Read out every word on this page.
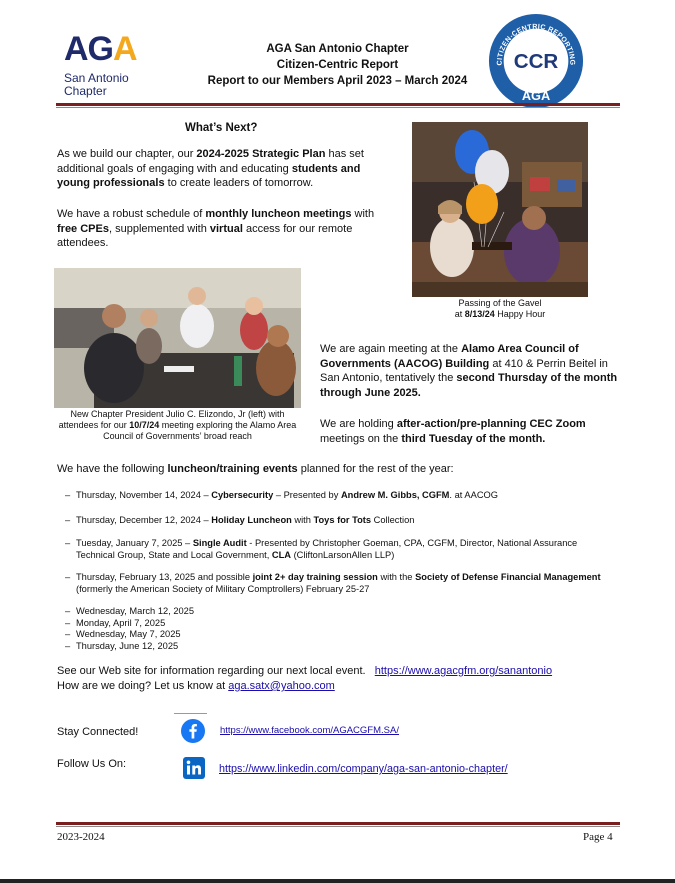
AGA
San Antonio
Chapter
AGA San Antonio Chapter
Citizen-Centric Report
Report to our Members April 2023 – March 2024
CITIZEN-CENTRIC REPORTING
CCR
AGA
What’s Next?
As we build our chapter, our 2024-2025 Strategic Plan has set additional goals of engaging with and educating students and young professionals to create leaders of tomorrow.
We have a robust schedule of monthly luncheon meetings with free CPEs, supplemented with virtual access for our remote attendees.
Passing of the Gavel
at 8/13/24 Happy Hour
New Chapter President Julio C. Elizondo, Jr (left) with attendees for our 10/7/24 meeting exploring the Alamo Area Council of Governments’ broad reach
We are again meeting at the Alamo Area Council of Governments (AACOG) Building at 410 & Perrin Beitel in San Antonio, tentatively the second Thursday of the month through June 2025.
We are holding after-action/pre-planning CEC Zoom meetings on the third Tuesday of the month.
We have the following luncheon/training events planned for the rest of the year:
– Thursday, November 14, 2024 – Cybersecurity – Presented by Andrew M. Gibbs, CGFM. at AACOG
– Thursday, December 12, 2024 – Holiday Luncheon with Toys for Tots Collection
– Tuesday, January 7, 2025 – Single Audit - Presented by Christopher Goeman, CPA, CGFM, Director, National Assurance Technical Group, State and Local Government, CLA (CliftonLarsonAllen LLP)
– Thursday, February 13, 2025 and possible joint 2+ day training session with the Society of Defense Financial Management (formerly the American Society of Military Comptrollers) February 25-27
– Wednesday, March 12, 2025
– Monday, April 7, 2025
– Wednesday, May 7, 2025
– Thursday, June 12, 2025
See our Web site for information regarding our next local event. https://www.agacgfm.org/sanantonio
How are we doing? Let us know at aga.satx@yahoo.com
Stay Connected!	https://www.facebook.com/AGACGFM.SA/
Follow Us On:	https://www.linkedin.com/company/aga-san-antonio-chapter/
2023-2024	Page 4
